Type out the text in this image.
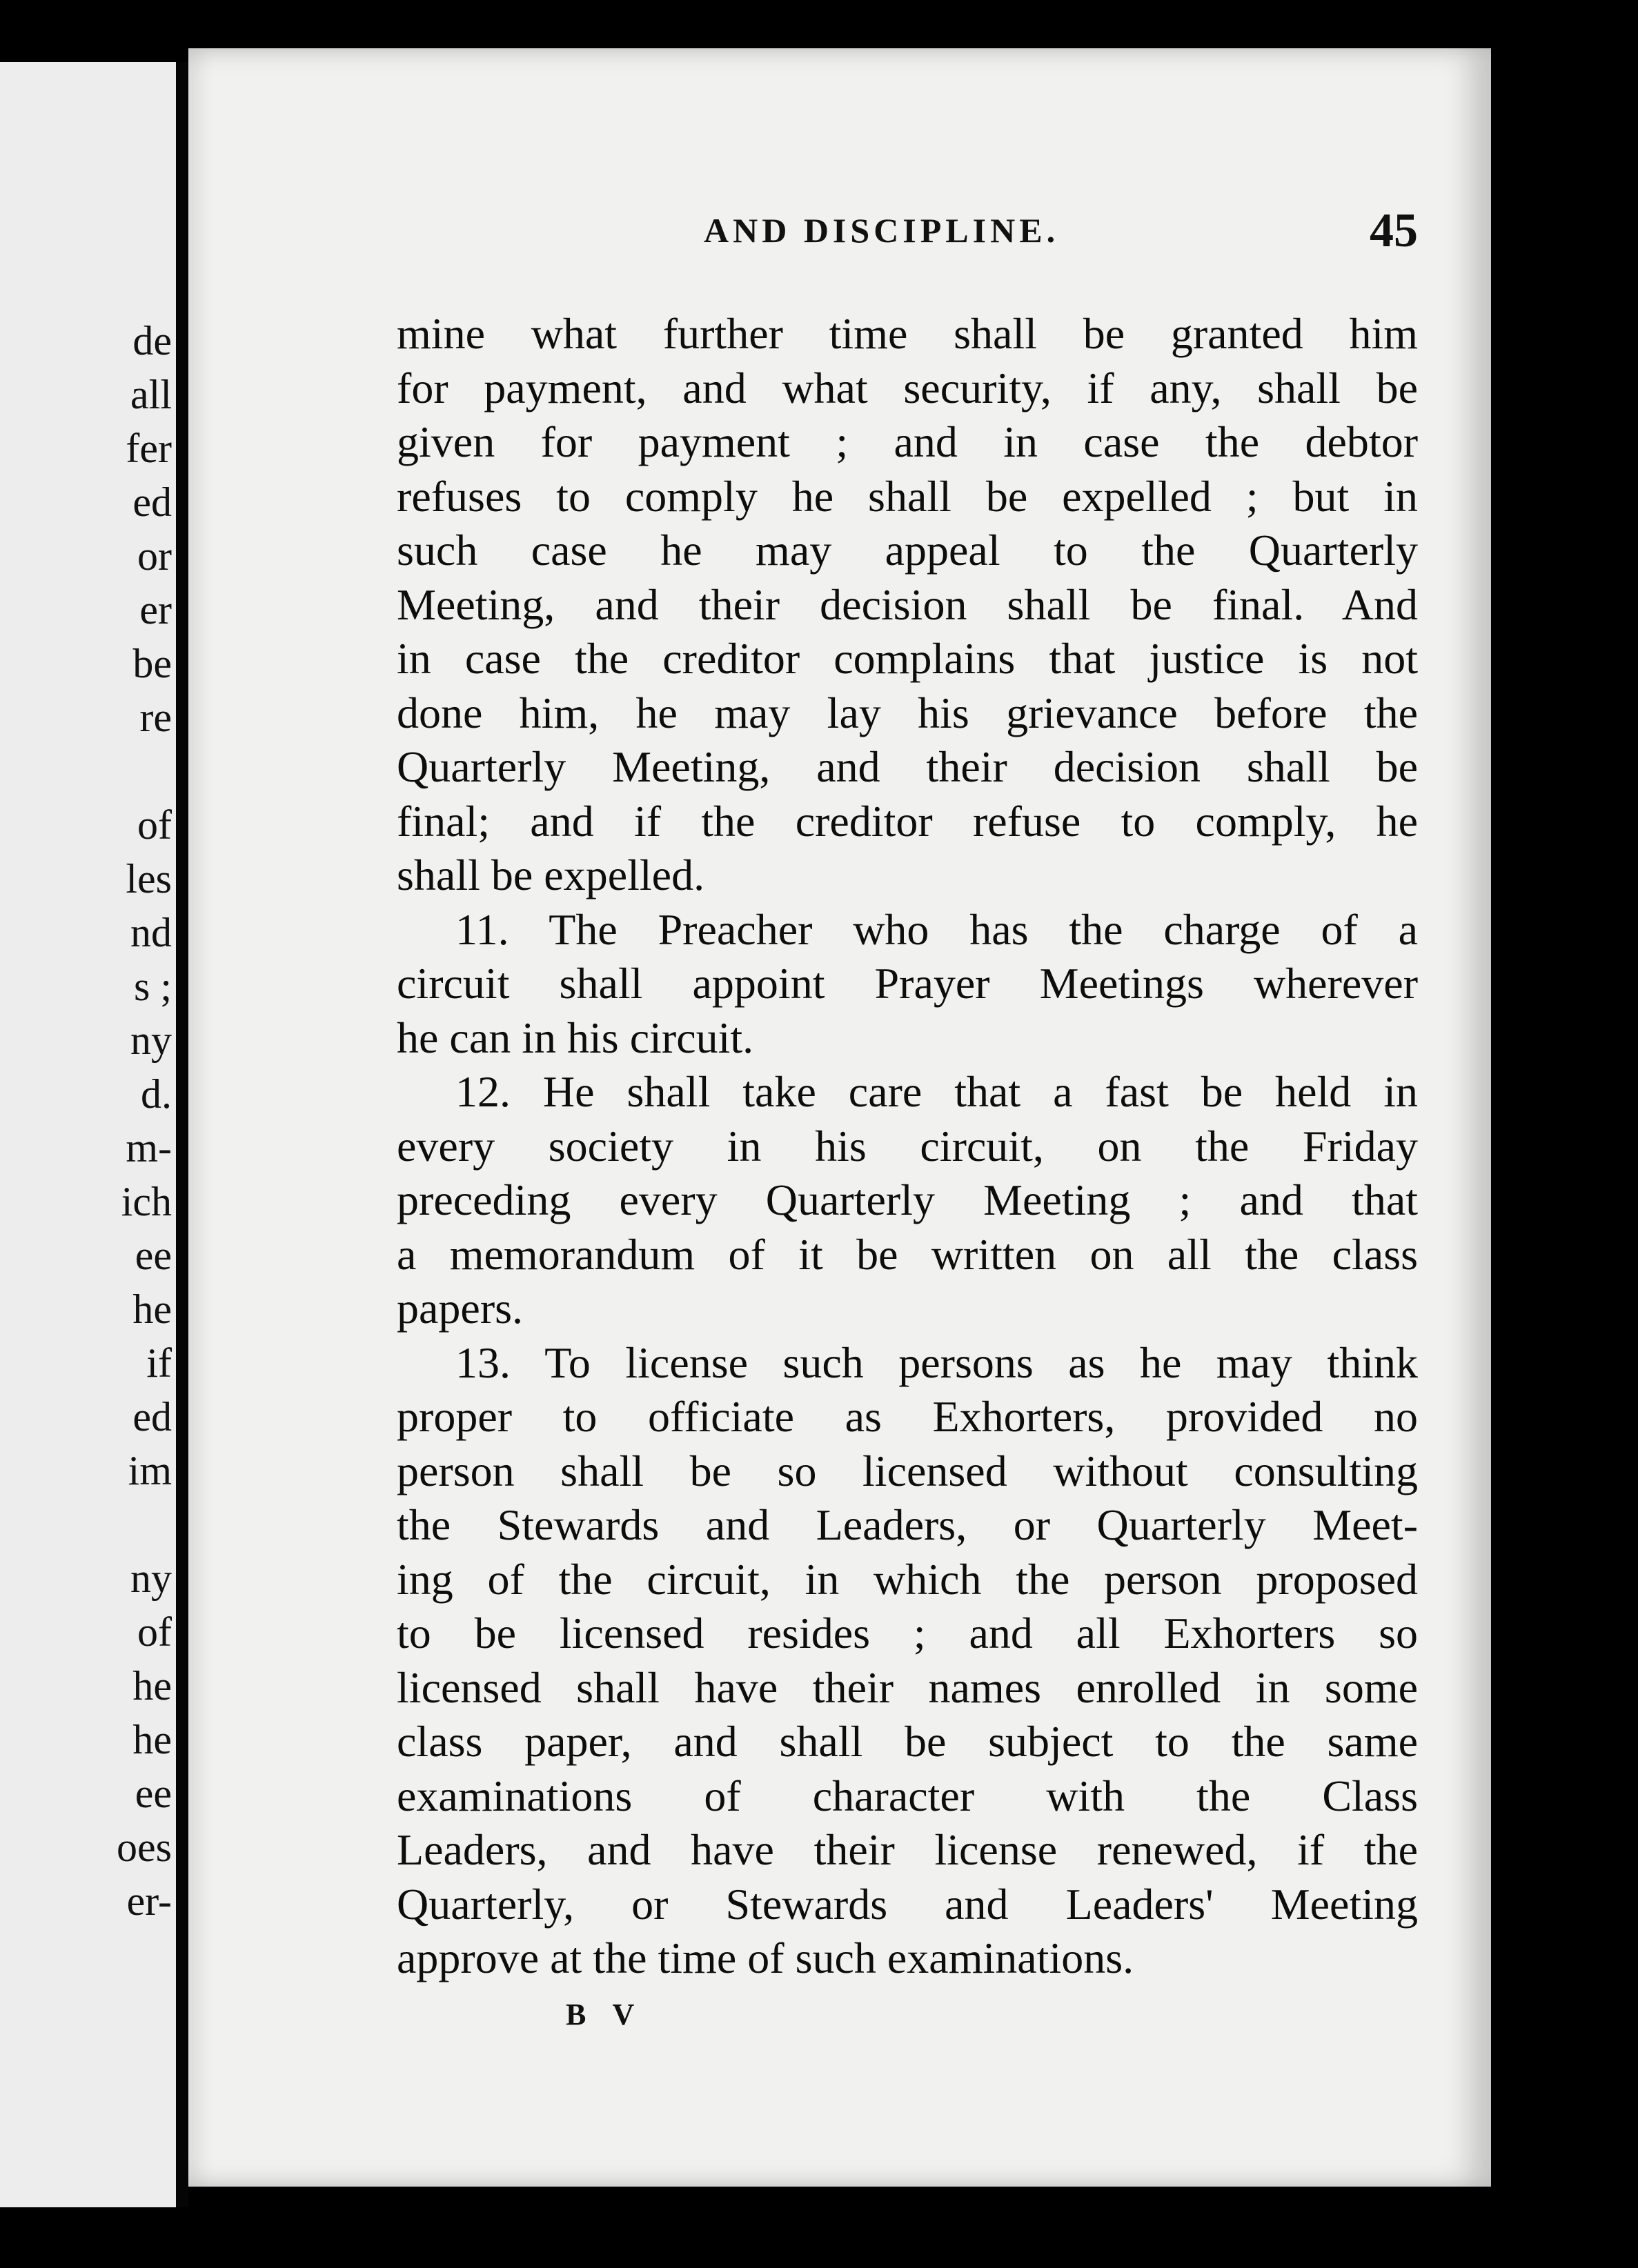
de
all
fer
ed
or
er
be
re
of
les
nd
s ;
ny
d.
m-
ich
ee
he
if
ed
im
ny
of
he
he
ee
oes
er-
AND DISCIPLINE.	45
mine what further time shall be granted him
for payment, and what security, if any, shall be
given for payment ; and in case the debtor
refuses to comply he shall be expelled ; but in
such case he may appeal to the Quarterly
Meeting, and their decision shall be final. And
in case the creditor complains that justice is not
done him, he may lay his grievance before the
Quarterly Meeting, and their decision shall be
final; and if the creditor refuse to comply, he
shall be expelled.
11. The Preacher who has the charge of a
circuit shall appoint Prayer Meetings wherever
he can in his circuit.
12. He shall take care that a fast be held in
every society in his circuit, on the Friday
preceding every Quarterly Meeting ; and that
a memorandum of it be written on all the class
papers.
13. To license such persons as he may think
proper to officiate as Exhorters, provided no
person shall be so licensed without consulting
the Stewards and Leaders, or Quarterly Meet-
ing of the circuit, in which the person proposed
to be licensed resides ; and all Exhorters so
licensed shall have their names enrolled in some
class paper, and shall be subject to the same
examinations of character with the Class
Leaders, and have their license renewed, if the
Quarterly, or Stewards and Leaders' Meeting
approve at the time of such examinations.
B V
